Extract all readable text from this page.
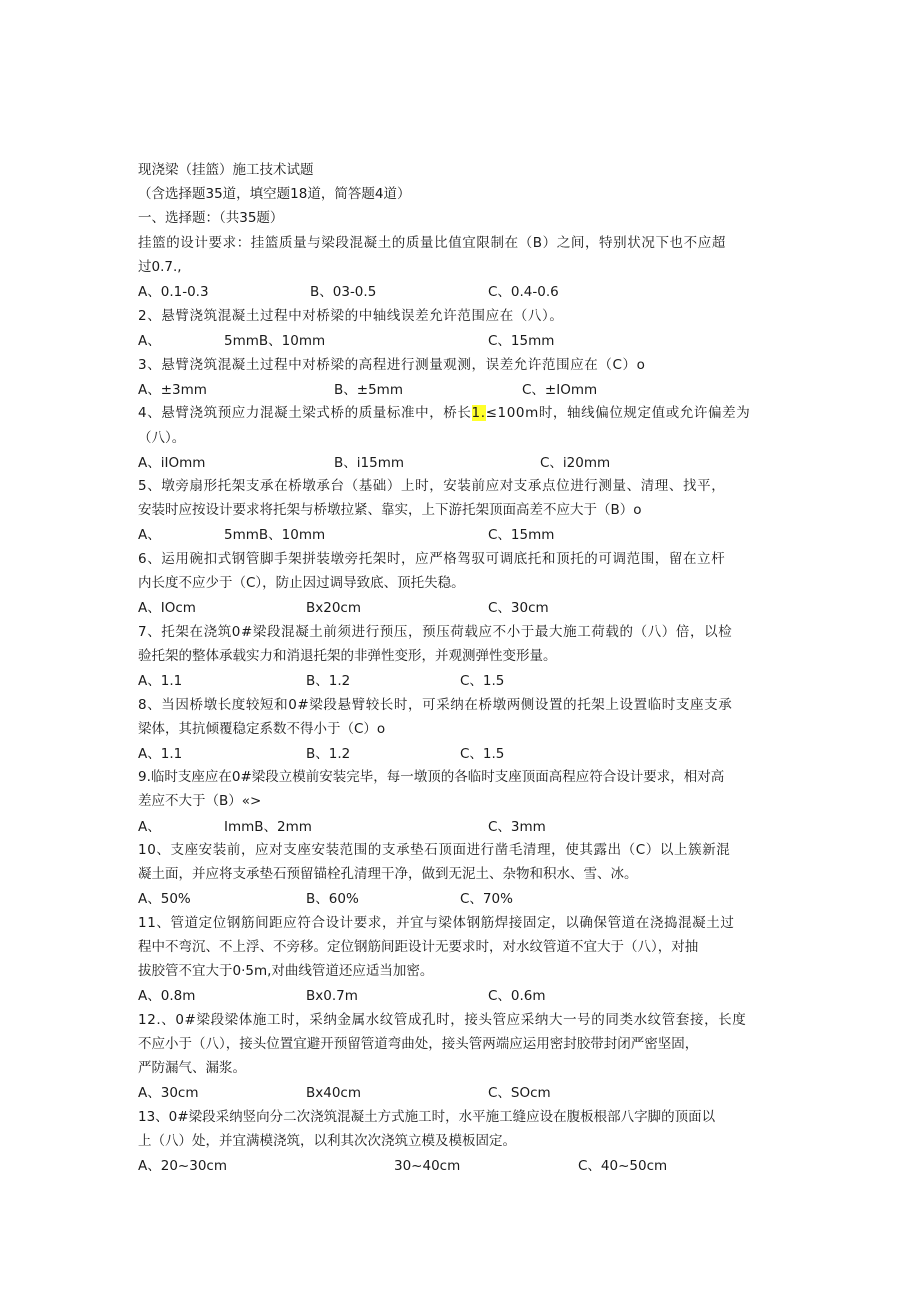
现浇梁（挂篮）施工技术试题
（含选择题35道，填空题18道，简答题4道）
一、选择题：（共35题）
挂篮的设计要求：挂篮质量与梁段混凝土的质量比值宜限制在（B）之间，特别状况下也不应超
过0.7.,
A、0.1-0.3	B、03-0.5	C、0.4-0.6
2、悬臂浇筑混凝土过程中对桥梁的中轴线误差允许范围应在（八）。
A、	5mmB、10mm	C、15mm
3、悬臂浇筑混凝土过程中对桥梁的高程进行测量观测，误差允许范围应在（C）o
A、±3mm	B、±5mm	C、±IOmm
4、悬臂浇筑预应力混凝土梁式桥的质量标准中，桥长1.≤100m时，轴线偏位规定值或允许偏差为
（八）。
A、iIOmm	B、i15mm	C、i20mm
5、墩旁扇形托架支承在桥墩承台（基础）上时，安装前应对支承点位进行测量、清理、找平，
安装时应按设计要求将托架与桥墩拉紧、靠实，上下游托架顶面高差不应大于（B）o
A、	5mmB、10mm	C、15mm
6、运用碗扣式钢管脚手架拼装墩旁托架时，应严格驾驭可调底托和顶托的可调范围，留在立杆
内长度不应少于（C），防止因过调导致底、顶托失稳。
A、IOcm	Bx20cm	C、30cm
7、托架在浇筑0#梁段混凝土前须进行预压，预压荷载应不小于最大施工荷载的（八）倍，以检
验托架的整体承载实力和消退托架的非弹性变形，并观测弹性变形量。
A、1.1	B、1.2	C、1.5
8、当因桥墩长度较短和0#梁段悬臂较长时，可采纳在桥墩两侧设置的托架上设置临时支座支承
梁体，其抗倾覆稳定系数不得小于（C）o
A、1.1	B、1.2	C、1.5
9.临时支座应在0#梁段立模前安装完毕，每一墩顶的各临时支座顶面高程应符合设计要求，相对高
差应不大于（B）«>
A、	ImmB、2mm	C、3mm
10、支座安装前，应对支座安装范围的支承垫石顶面进行凿毛清理，使其露出（C）以上簇新混
凝土面，并应将支承垫石预留锚栓孔清理干净，做到无泥土、杂物和积水、雪、冰。
A、50%	B、60%	C、70%
11、管道定位钢筋间距应符合设计要求，并宜与梁体钢筋焊接固定，以确保管道在浇捣混凝土过
程中不弯沉、不上浮、不旁移。定位钢筋间距设计无要求时，对水纹管道不宜大于（八），对抽
拔胶管不宜大于0·5m,对曲线管道还应适当加密。
A、0.8m	Bx0.7m	C、0.6m
12.、0#梁段梁体施工时，采纳金属水纹管成孔时，接头管应采纳大一号的同类水纹管套接，长度
不应小于（八），接头位置宜避开预留管道弯曲处，接头管两端应运用密封胶带封闭严密坚固，
严防漏气、漏浆。
A、30cm	Bx40cm	C、SOcm
13、0#梁段采纳竖向分二次浇筑混凝土方式施工时，水平施工缝应设在腹板根部八字脚的顶面以
上（八）处，并宜满模浇筑，以利其次次浇筑立模及模板固定。
A、20~30cm	30~40cm	C、40~50cm
